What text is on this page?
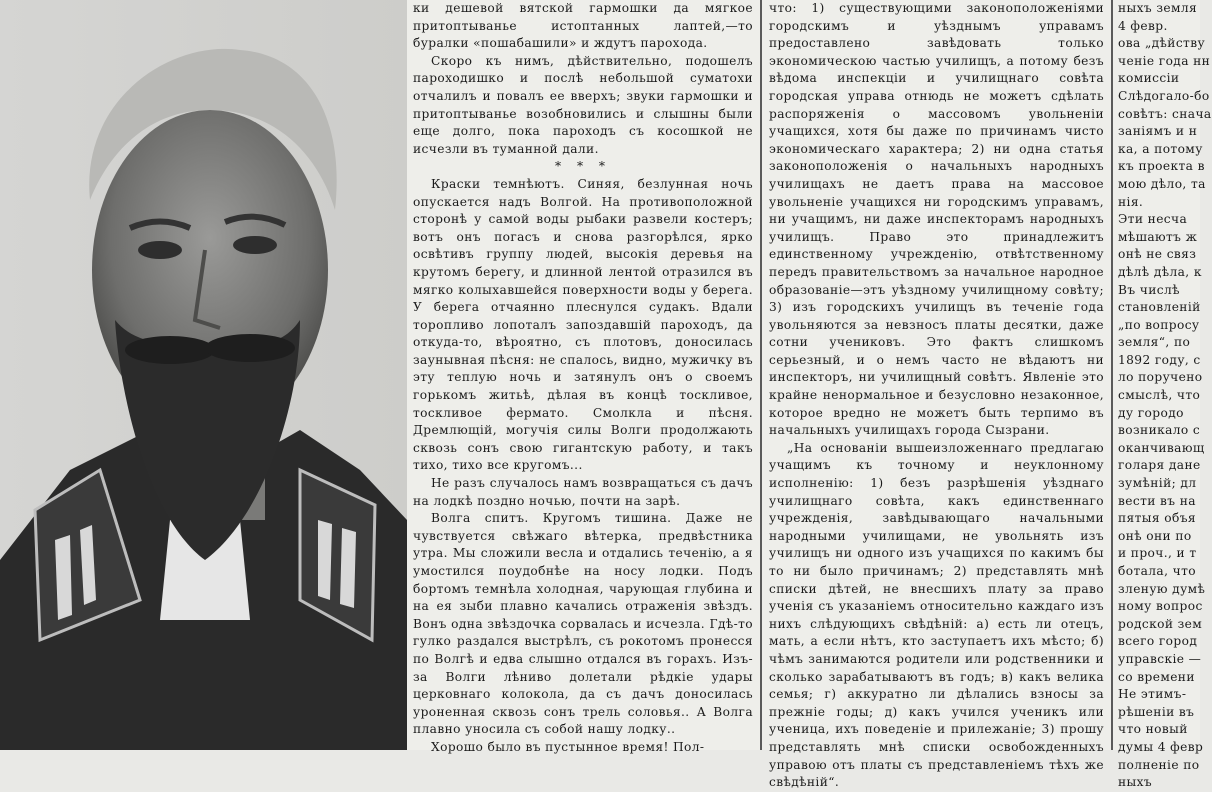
ки дешевой вятской гармошки да мягкое притоптыванье истоптанных лаптей,—то буралки «пошабашили» и ждутъ парохода.

Скоро къ нимъ, дѣйствительно, подошелъ пароходишко и послѣ небольшой суматохи отчалилъ и повалъ ее вверхъ; звуки гармошки и притоптыванье возобновились и слышны были еще долго, пока пароходъ съ косошкой не исчезли въ туманной дали.

* * *

Краски темнѣютъ. Синяя, безлунная ночь опускается надъ Волгой. На противоположной сторонѣ у самой воды рыбаки развели костеръ; вотъ онъ погасъ и снова разгорѣлся, ярко освѣтивъ группу людей, высокія деревья на крутомъ берегу, и длинной лентой отразился въ мягко колыхавшейся поверхности воды у берега. У берега отчаянно плеснулся судакъ. Вдали торопливо лопоталъ запоздавшій пароходъ, да откуда-то, вѣроятно, съ плотовъ, доносилась заунывная пѣсня: не спалось, видно, мужичку въ эту теплую ночь и затянулъ онъ о своемъ горькомъ житьѣ, дѣлая въ концѣ тоскливое, тоскливое фермато. Смолкла и пѣсня. Дремлющій, могучія силы Волги продолжають сквозь сонъ свою гигантскую работу, и такъ тихо, тихо все кругомъ...

Не разъ случалось намъ возвращаться съ дачъ на лодкѣ поздно ночью, почти на зарѣ.

Волга спитъ. Кругомъ тишина. Даже не чувствуется свѣжаго вѣтерка, предвѣстника утра. Мы сложили весла и отдались теченію, а я умостился поудобнѣе на носу лодки. Подъ бортомъ темнѣла холодная, чарующая глубина и на ея зыби плавно качались отраженія звѣздъ. Вонъ одна звѣздочка сорвалась и исчезла. Гдѣ-то гулко раздался выстрѣлъ, съ рокотомъ пронесся по Волгѣ и едва слышно отдался въ горахъ. Изъ-за Волги лѣниво долетали рѣдкіе удары церковнаго колокола, да съ дачъ доносилась уроненная сквозь сонъ трель соловья.. А Волга плавно уносила съ собой нашу лодку..

Хорошо было въ пустынное время! Пол-

что: 1) существующими законоположеніями городскимъ и уѣзднымъ управамъ предоставлено завѣдовать только экономическою частью училищъ, а потому безъ вѣдома инспекціи и училищнаго совѣта городская управа отнюдь не можетъ сдѣлать распоряженія о массовомъ увольненіи учащихся, хотя бы даже по причинамъ чисто экономическаго характера; 2) ни одна статья законоположенія о начальныхъ народныхъ училищахъ не даетъ права на массовое увольненіе учащихся ни городскимъ управамъ, ни учащимъ, ни даже инспекторамъ народныхъ училищъ. Право это принадлежитъ единственному учрежденію, отвѣтственному передъ правительствомъ за начальное народное образованіе—этъ уѣздному училищному совѣту; 3) изъ городскихъ училищъ въ теченіе года увольняются за невзносъ платы десятки, даже сотни учениковъ. Это фактъ слишкомъ серьезный, и о немъ часто не вѣдаютъ ни инспекторъ, ни училищный совѣтъ. Явленіе это крайне ненормальное и безусловно незаконное, которое вредно не можетъ быть терпимо въ начальныхъ училищахъ города Сызрани.

„На основаніи вышеизложеннаго предлагаю учащимъ къ точному и неуклонному исполненію: 1) безъ разрѣшенія уѣзднаго училищнаго совѣта, какъ единственнаго учрежденія, завѣдывающаго начальными народными училищами, не увольнять изъ училищъ ни одного изъ учащихся по какимъ бы то ни было причинамъ; 2) представлять мнѣ списки дѣтей, не внесшихъ плату за право ученія съ указаніемъ относительно каждаго изъ нихъ слѣдующихъ свѣдѣній: а) есть ли отецъ, мать, а если нѣтъ, кто заступаетъ ихъ мѣсто; б) чѣмъ занимаются родители или родственники и сколько зарабатываютъ въ годъ; в) какъ велика семья; г) аккуратно ли дѣлались взносы за прежніе годы; д) какъ учился ученикъ или ученица, ихъ поведеніе и прилежаніе; 3) прошу представлять мнѣ списки освобожденныхъ управою отъ платы съ представленіемъ тѣхъ же свѣдѣній“.

ныхъ земля
4 февр.
ова „дѣйству
ченіе года нн
комиссіи
Слѣдогало-бо
совѣтъ: снача
заніямъ и н
ка, а потому
къ проекта в
мою дѣло, та
нія.
Эти несча
мѣшаютъ ж
онѣ не связ
дѣлѣ дѣла, к
Въ числѣ
становленій
„по вопросу
земля“, по
1892 году, с
ло поручено
смыслѣ, что
ду городо
возникало с
оканчивающ
голаря дане
зумѣній; дл
вести въ на
пятыя объя
онѣ они по
и проч., и т
ботала, что
зленую думѣ
ному вопрос
родской зем
всего город
управскіе —
со времени
Не этимъ-
рѣшеніи въ
что новый
думы 4 февр
полненіе по
ныхъ
